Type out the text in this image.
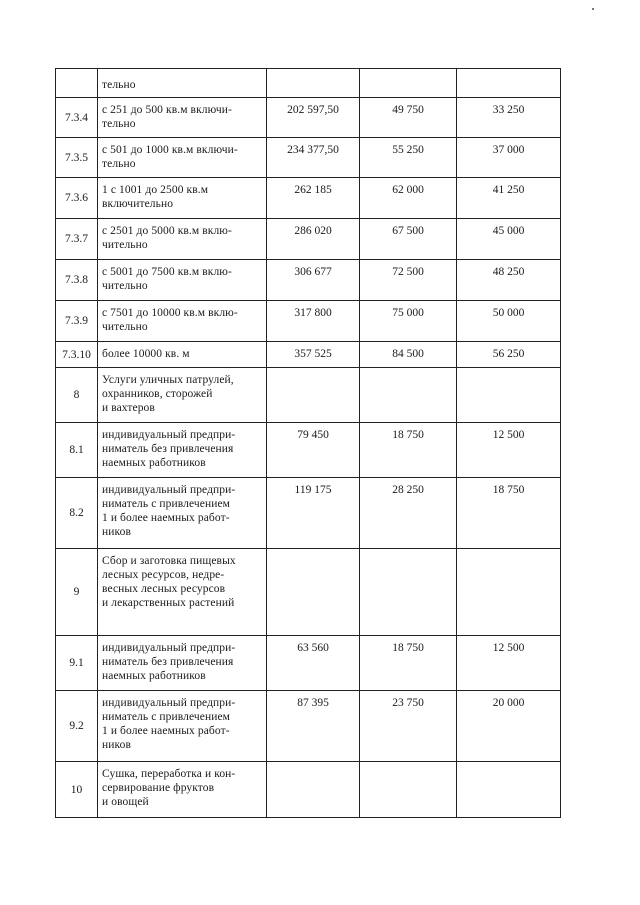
	тельно			

7.3.4	с 251 до 500 кв.м включи-
тельно	202 597,50	49 750	33 250
7.3.5	с 501 до 1000 кв.м включи-
тельно	234 377,50	55 250	37 000
7.3.6	1 с 1001 до 2500 кв.м
включительно	262 185	62 000	41 250
7.3.7	с 2501 до 5000 кв.м вклю-
чительно	286 020	67 500	45 000
7.3.8	с 5001 до 7500 кв.м вклю-
чительно	306 677	72 500	48 250
7.3.9	с 7501 до 10000 кв.м вклю-
чительно	317 800	75 000	50 000
7.3.10	более 10000 кв. м	357 525	84 500	56 250
8	Услуги уличных патрулей,
охранников, сторожей
и вахтеров			

8.1	индивидуальный предпри-
ниматель без привлечения
наемных работников	79 450	18 750	12 500
8.2	индивидуальный предпри-
ниматель с привлечением
1 и более наемных работ-
ников	119 175	28 250	18 750
9	Сбор и заготовка пищевых
лесных ресурсов, недре-
весных лесных ресурсов
и лекарственных растений			

9.1	индивидуальный предпри-
ниматель без привлечения
наемных работников	63 560	18 750	12 500
9.2	индивидуальный предпри-
ниматель с привлечением
1 и более наемных работ-
ников	87 395	23 750	20 000
10	Сушка, переработка и кон-
сервирование фруктов
и овощей			
